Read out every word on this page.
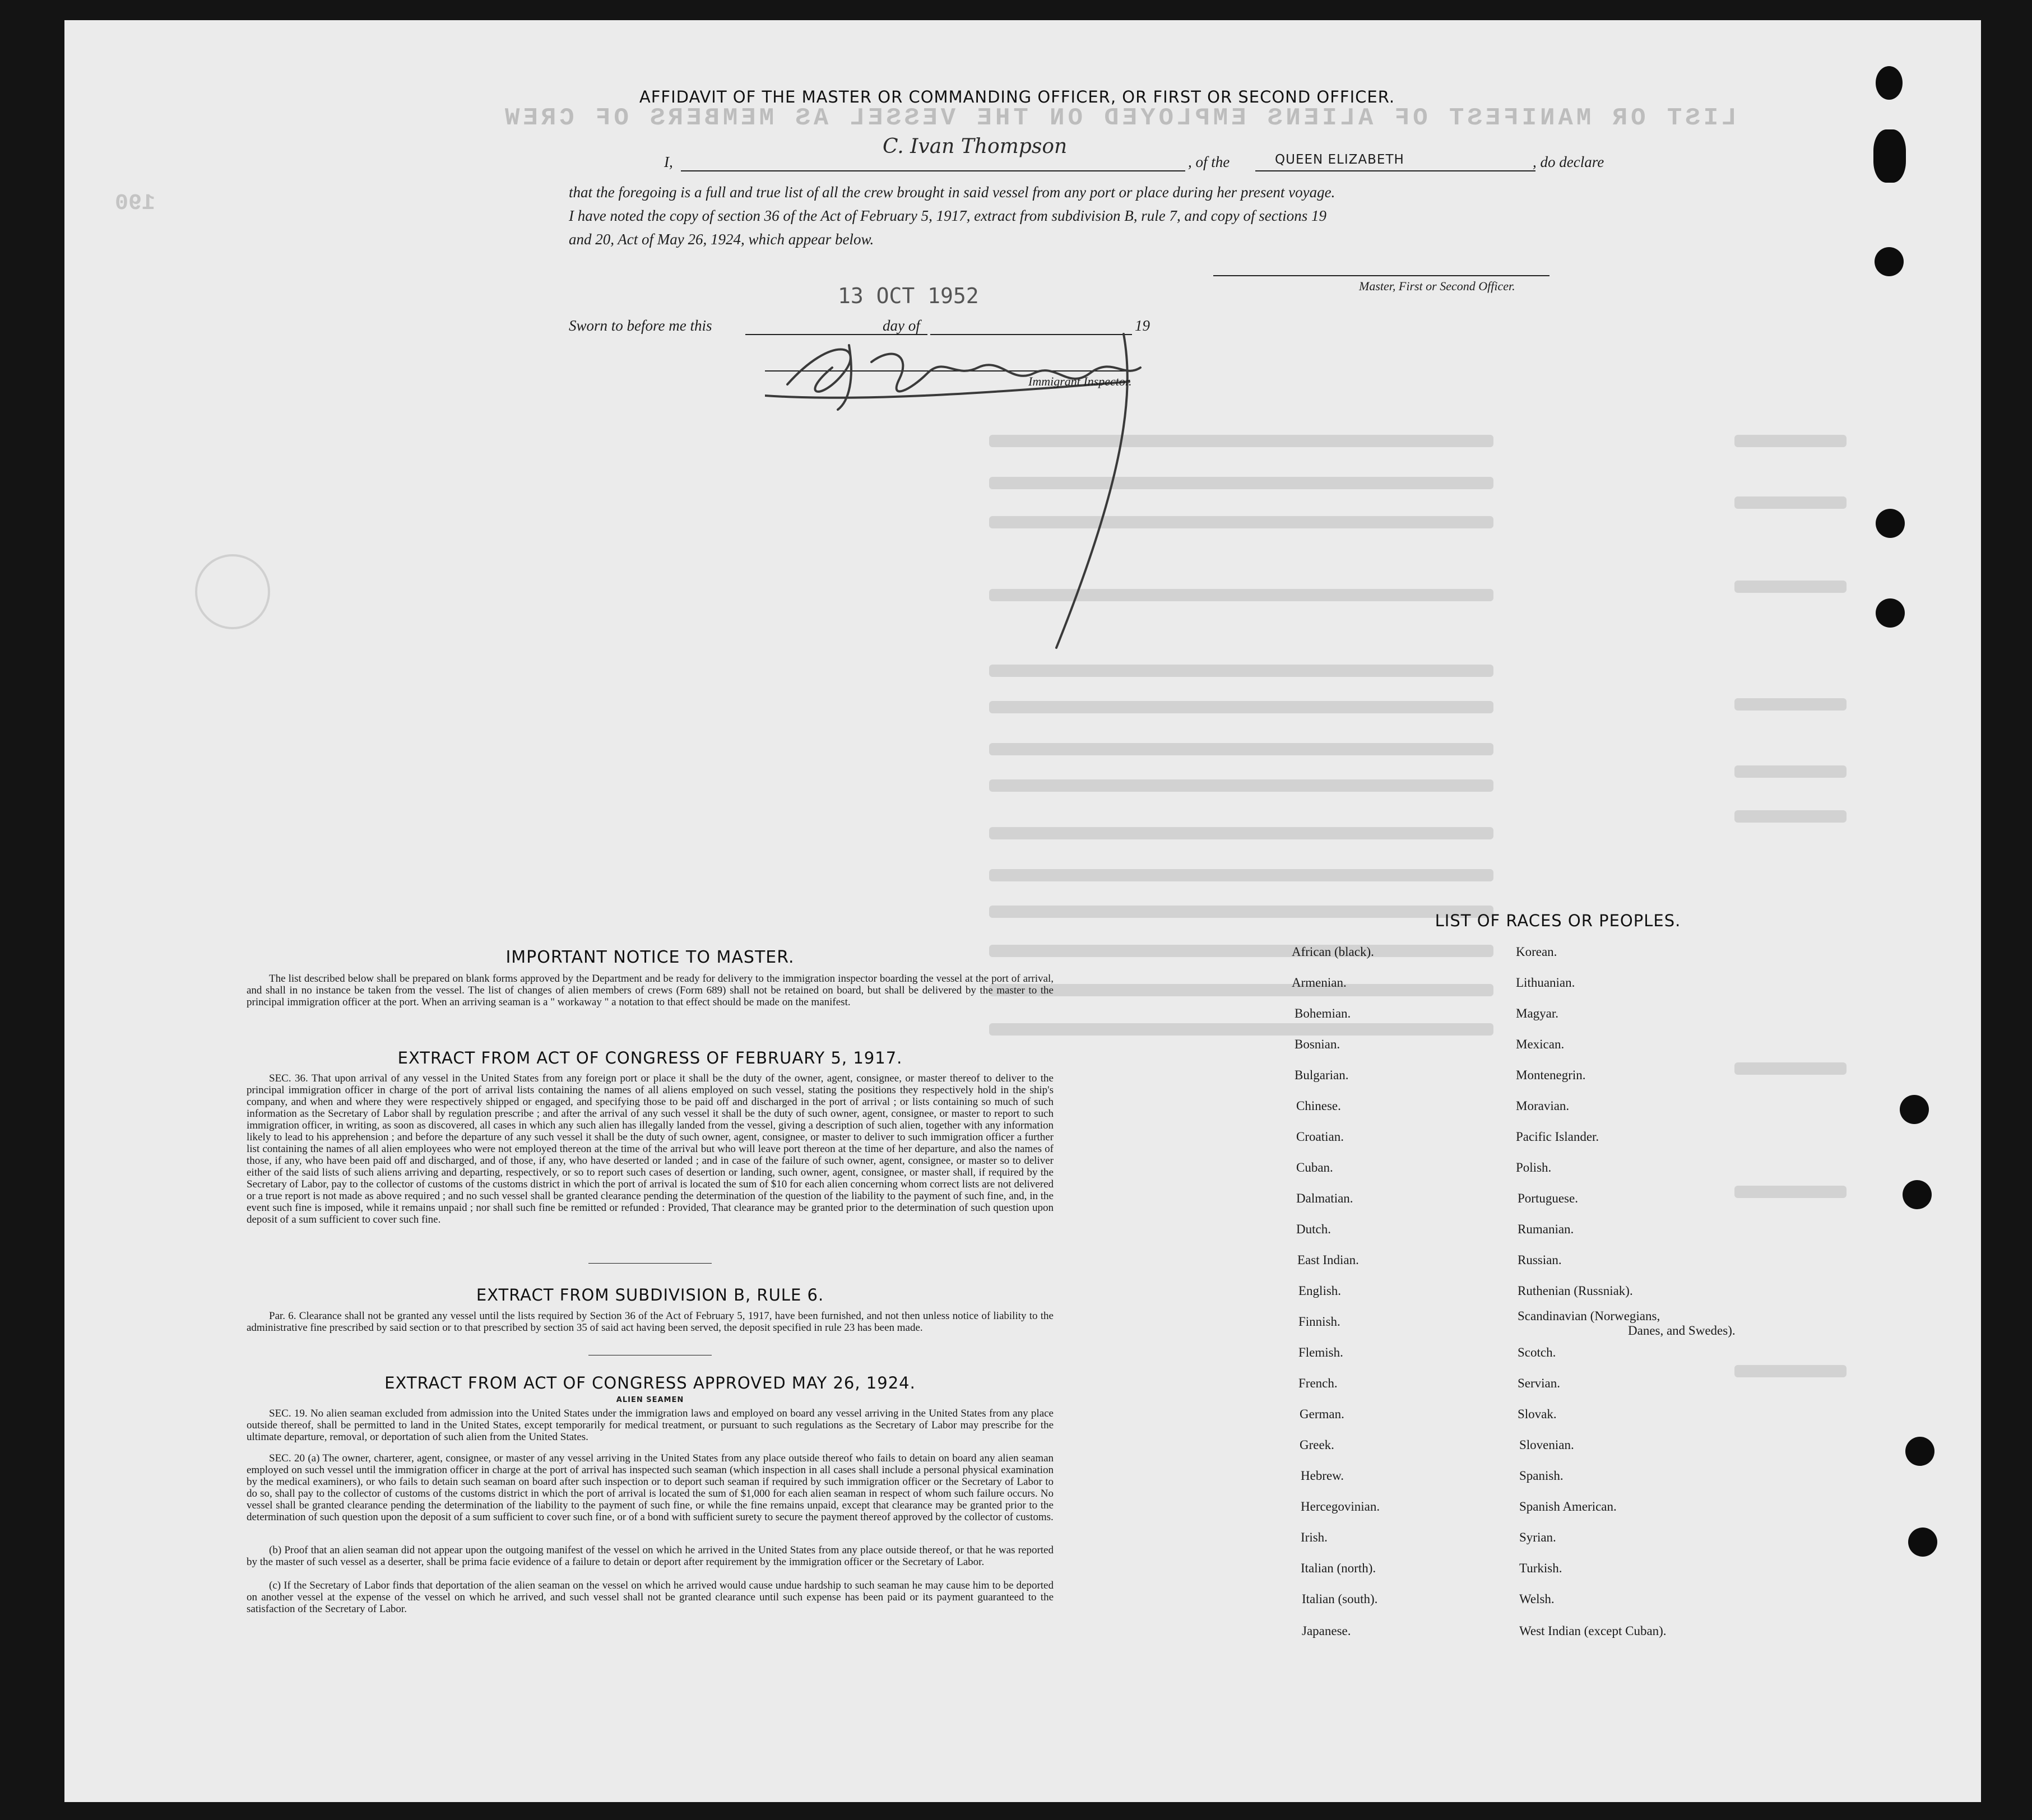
LIST OR MANIFEST OF ALIENS EMPLOYED ON THE VESSEL AS MEMBERS OF CREW
190
AFFIDAVIT OF THE MASTER OR COMMANDING OFFICER, OR FIRST OR SECOND OFFICER.
I,
C. Ivan Thompson
, of the	QUEEN ELIZABETH	, do declare
that the foregoing is a full and true list of all the crew brought in said vessel from any port or place during her present voyage.
I have noted the copy of section 36 of the Act of February 5, 1917, extract from subdivision B, rule 7, and copy of sections 19
and 20, Act of May 26, 1924, which appear below.
Master, First or Second Officer.
Sworn to before me this
13 OCT 1952
day of	19
Immigrant Inspector.
IMPORTANT NOTICE TO MASTER.
The list described below shall be prepared on blank forms approved by the Department and be ready for delivery to the immigration inspector boarding the vessel at the port of arrival, and shall in no instance be taken from the vessel. The list of changes of alien members of crews (Form 689) shall not be retained on board, but shall be delivered by the master to the principal immigration officer at the port. When an arriving seaman is a " workaway " a notation to that effect should be made on the manifest.
EXTRACT FROM ACT OF CONGRESS OF FEBRUARY 5, 1917.
SEC. 36. That upon arrival of any vessel in the United States from any foreign port or place it shall be the duty of the owner, agent, consignee, or master thereof to deliver to the principal immigration officer in charge of the port of arrival lists containing the names of all aliens employed on such vessel, stating the positions they respectively hold in the ship's company, and when and where they were respectively shipped or engaged, and specifying those to be paid off and discharged in the port of arrival ; or lists containing so much of such information as the Secretary of Labor shall by regulation prescribe ; and after the arrival of any such vessel it shall be the duty of such owner, agent, consignee, or master to report to such immigration officer, in writing, as soon as discovered, all cases in which any such alien has illegally landed from the vessel, giving a description of such alien, together with any information likely to lead to his apprehension ; and before the departure of any such vessel it shall be the duty of such owner, agent, consignee, or master to deliver to such immigration officer a further list containing the names of all alien employees who were not employed thereon at the time of the arrival but who will leave port thereon at the time of her departure, and also the names of those, if any, who have been paid off and discharged, and of those, if any, who have deserted or landed ; and in case of the failure of such owner, agent, consignee, or master so to deliver either of the said lists of such aliens arriving and departing, respectively, or so to report such cases of desertion or landing, such owner, agent, consignee, or master shall, if required by the Secretary of Labor, pay to the collector of customs of the customs district in which the port of arrival is located the sum of $10 for each alien concerning whom correct lists are not delivered or a true report is not made as above required ; and no such vessel shall be granted clearance pending the determination of the question of the liability to the payment of such fine, and, in the event such fine is imposed, while it remains unpaid ; nor shall such fine be remitted or refunded : Provided, That clearance may be granted prior to the determination of such question upon deposit of a sum sufficient to cover such fine.
EXTRACT FROM SUBDIVISION B, RULE 6.
Par. 6. Clearance shall not be granted any vessel until the lists required by Section 36 of the Act of February 5, 1917, have been furnished, and not then unless notice of liability to the administrative fine prescribed by said section or to that prescribed by section 35 of said act having been served, the deposit specified in rule 23 has been made.
EXTRACT FROM ACT OF CONGRESS APPROVED MAY 26, 1924.
ALIEN SEAMEN
SEC. 19. No alien seaman excluded from admission into the United States under the immigration laws and employed on board any vessel arriving in the United States from any place outside thereof, shall be permitted to land in the United States, except temporarily for medical treatment, or pursuant to such regulations as the Secretary of Labor may prescribe for the ultimate departure, removal, or deportation of such alien from the United States.
SEC. 20 (a) The owner, charterer, agent, consignee, or master of any vessel arriving in the United States from any place outside thereof who fails to detain on board any alien seaman employed on such vessel until the immigration officer in charge at the port of arrival has inspected such seaman (which inspection in all cases shall include a personal physical examination by the medical examiners), or who fails to detain such seaman on board after such inspection or to deport such seaman if required by such immigration officer or the Secretary of Labor to do so, shall pay to the collector of customs of the customs district in which the port of arrival is located the sum of $1,000 for each alien seaman in respect of whom such failure occurs. No vessel shall be granted clearance pending the determination of the liability to the payment of such fine, or while the fine remains unpaid, except that clearance may be granted prior to the determination of such question upon the deposit of a sum sufficient to cover such fine, or of a bond with sufficient surety to secure the payment thereof approved by the collector of customs.
(b) Proof that an alien seaman did not appear upon the outgoing manifest of the vessel on which he arrived in the United States from any place outside thereof, or that he was reported by the master of such vessel as a deserter, shall be prima facie evidence of a failure to detain or deport after requirement by the immigration officer or the Secretary of Labor.
(c) If the Secretary of Labor finds that deportation of the alien seaman on the vessel on which he arrived would cause undue hardship to such seaman he may cause him to be deported on another vessel at the expense of the vessel on which he arrived, and such vessel shall not be granted clearance until such expense has been paid or its payment guaranteed to the satisfaction of the Secretary of Labor.
LIST OF RACES OR PEOPLES.
Danes, and Swedes).
African (black).
Armenian.
Bohemian.
Bosnian.
Bulgarian.
Chinese.
Croatian.
Cuban.
Dalmatian.
Dutch.
East Indian.
English.
Finnish.
Flemish.
French.
German.
Greek.
Hebrew.
Hercegovinian.
Irish.
Italian (north).
Italian (south).
Japanese.
Korean.
Lithuanian.
Magyar.
Mexican.
Montenegrin.
Moravian.
Pacific Islander.
Polish.
Portuguese.
Rumanian.
Russian.
Ruthenian (Russniak).
Scandinavian (Norwegians,
Scotch.
Servian.
Slovak.
Slovenian.
Spanish.
Spanish American.
Syrian.
Turkish.
Welsh.
West Indian (except Cuban).
